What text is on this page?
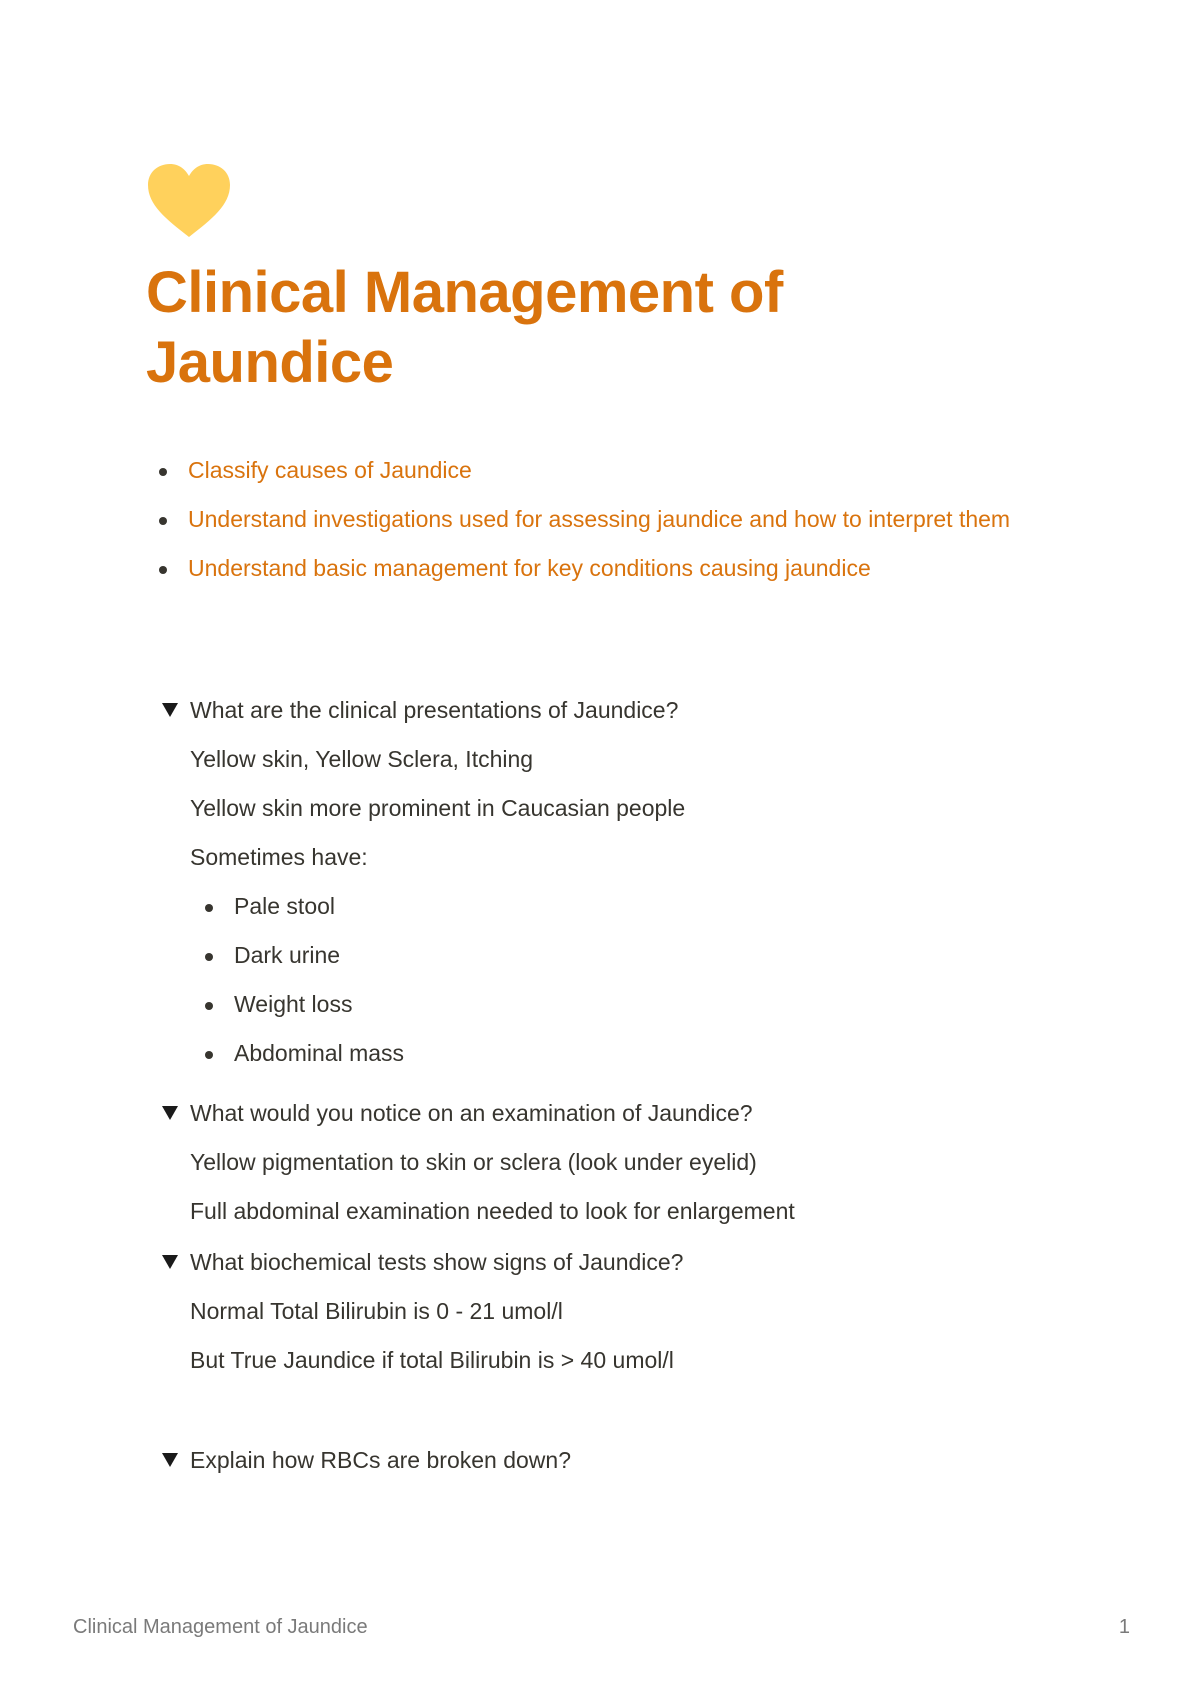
Clinical Management of
Jaundice
Classify causes of Jaundice
Understand investigations used for assessing jaundice and how to interpret them
Understand basic management for key conditions causing jaundice
What are the clinical presentations of Jaundice?

Yellow skin, Yellow Sclera, Itching

Yellow skin more prominent in Caucasian people

Sometimes have:

Pale stool
Dark urine
Weight loss
Abdominal mass
What would you notice on an examination of Jaundice?

Yellow pigmentation to skin or sclera (look under eyelid)

Full abdominal examination needed to look for enlargement

What biochemical tests show signs of Jaundice?

Normal Total Bilirubin is 0 - 21 umol/l

But True Jaundice if total Bilirubin is > 40 umol/l

Explain how RBCs are broken down?
Clinical Management of Jaundice	1
